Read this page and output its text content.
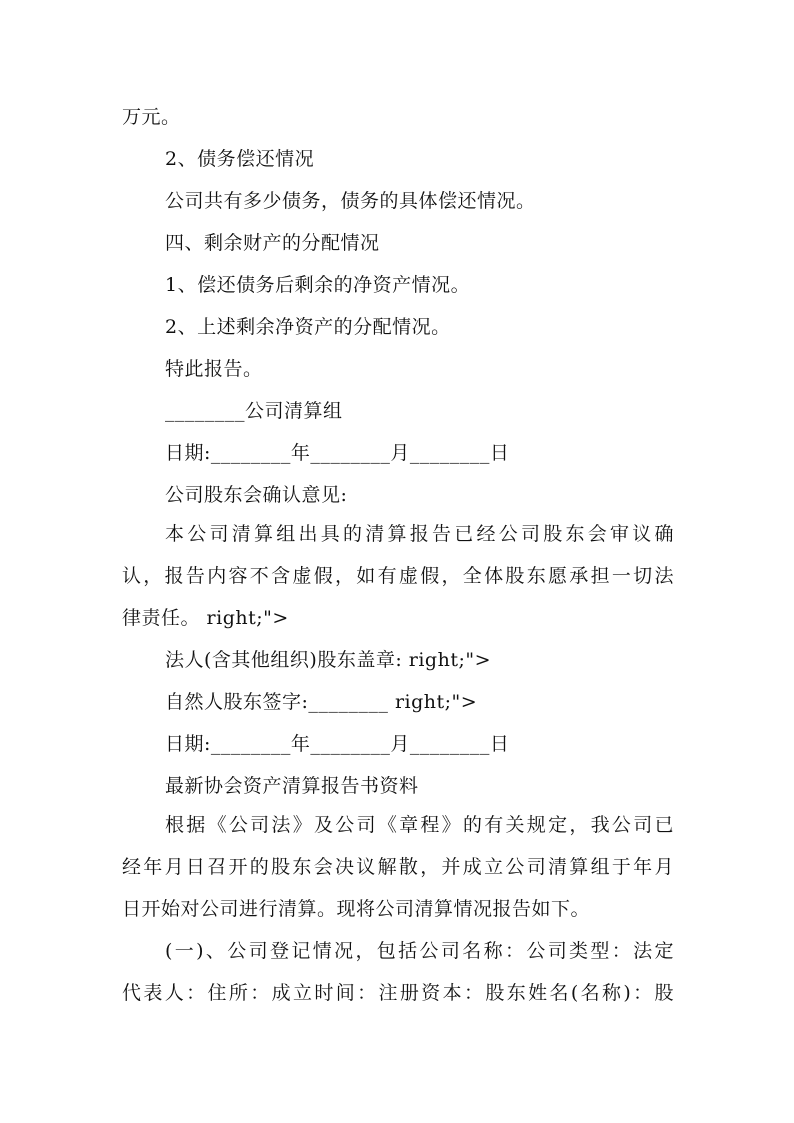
万元。
2、债务偿还情况
公司共有多少债务，债务的具体偿还情况。
四、剩余财产的分配情况
1、偿还债务后剩余的净资产情况。
2、上述剩余净资产的分配情况。
特此报告。
________公司清算组
日期:________年________月________日
公司股东会确认意见:
本公司清算组出具的清算报告已经公司股东会审议确
认，报告内容不含虚假，如有虚假，全体股东愿承担一切法
律责任。 right;">
法人(含其他组织)股东盖章: right;">
自然人股东签字:________ right;">
日期:________年________月________日
最新协会资产清算报告书资料
根据《公司法》及公司《章程》的有关规定，我公司已
经年月日召开的股东会决议解散，并成立公司清算组于年月
日开始对公司进行清算。现将公司清算情况报告如下。
(一)、公司登记情况，包括公司名称：公司类型：法定
代表人：住所：成立时间：注册资本：股东姓名(名称)：股
